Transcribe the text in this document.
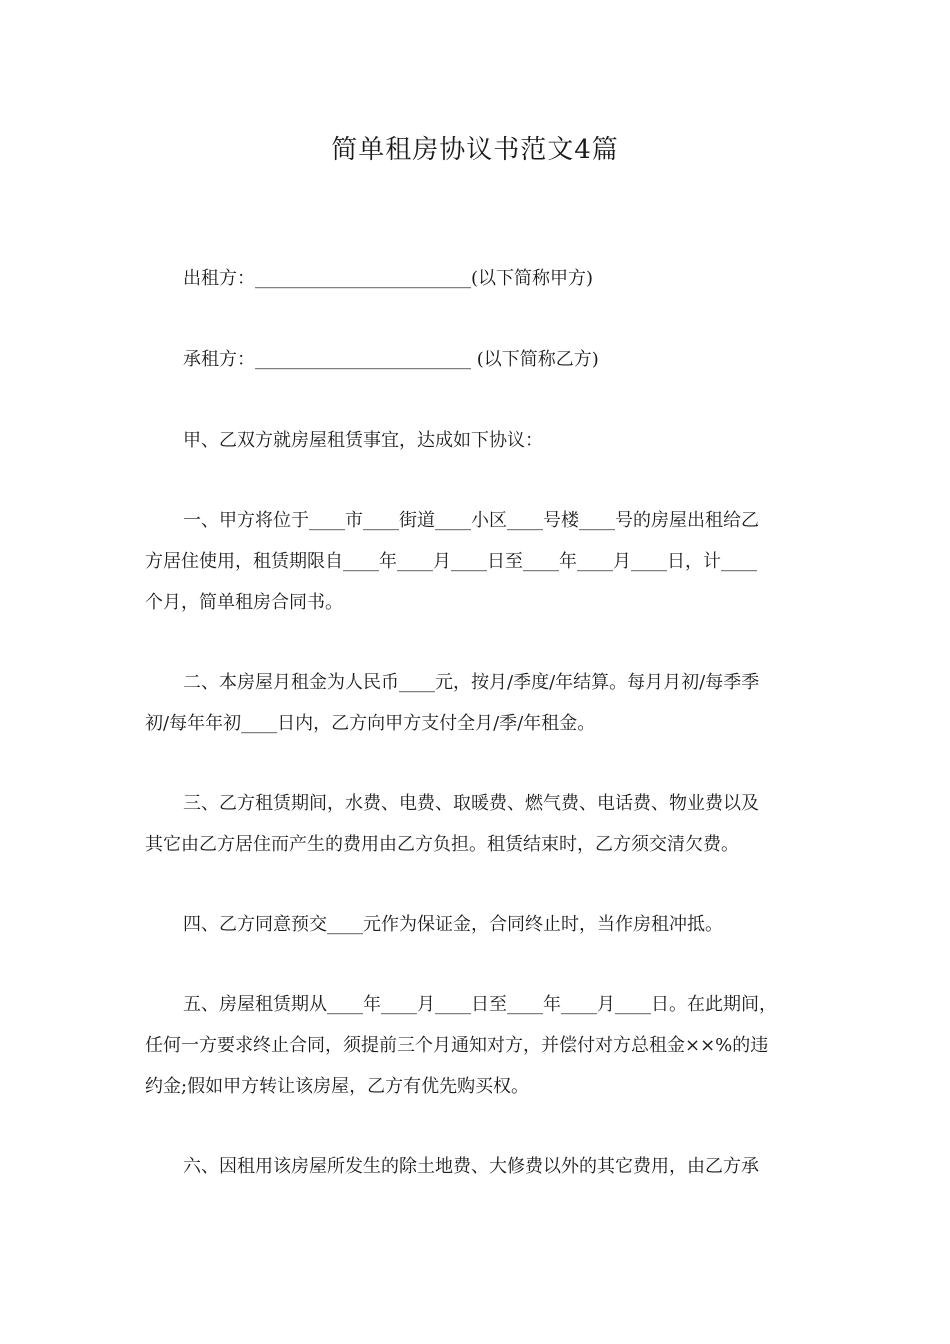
简单租房协议书范文4篇
出租方：________________________(以下简称甲方)
承租方：________________________ (以下简称乙方)
甲、乙双方就房屋租赁事宜，达成如下协议：
一、甲方将位于____市____街道____小区____号楼____号的房屋出租给乙
方居住使用，租赁期限自____年____月____日至____年____月____日，计____
个月，简单租房合同书。
二、本房屋月租金为人民币____元，按月/季度/年结算。每月月初/每季季
初/每年年初____日内，乙方向甲方支付全月/季/年租金。
三、乙方租赁期间，水费、电费、取暖费、燃气费、电话费、物业费以及
其它由乙方居住而产生的费用由乙方负担。租赁结束时，乙方须交清欠费。
四、乙方同意预交____元作为保证金，合同终止时，当作房租冲抵。
五、房屋租赁期从____年____月____日至____年____月____日。在此期间，
任何一方要求终止合同，须提前三个月通知对方，并偿付对方总租金××%的违
约金;假如甲方转让该房屋，乙方有优先购买权。
六、因租用该房屋所发生的除土地费、大修费以外的其它费用，由乙方承
